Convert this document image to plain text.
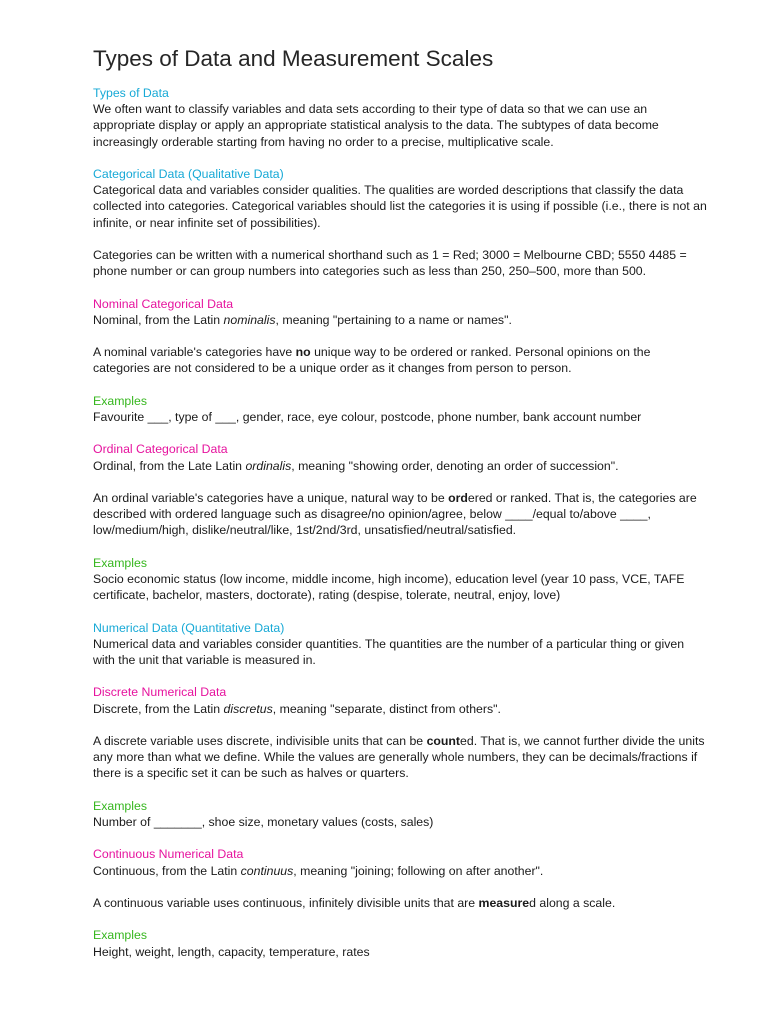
Types of Data and Measurement Scales
Types of Data

We often want to classify variables and data sets according to their type of data so that we can use an appropriate display or apply an appropriate statistical analysis to the data. The subtypes of data become increasingly orderable starting from having no order to a precise, multiplicative scale.

Categorical Data (Qualitative Data)

Categorical data and variables consider qualities. The qualities are worded descriptions that classify the data collected into categories. Categorical variables should list the categories it is using if possible (i.e., there is not an infinite, or near infinite set of possibilities).

Categories can be written with a numerical shorthand such as 1 = Red; 3000 = Melbourne CBD; 5550 4485 = phone number or can group numbers into categories such as less than 250, 250–500, more than 500.

Nominal Categorical Data

Nominal, from the Latin nominalis, meaning "pertaining to a name or names".

A nominal variable's categories have no unique way to be ordered or ranked. Personal opinions on the categories are not considered to be a unique order as it changes from person to person.

Examples

Favourite ___, type of ___, gender, race, eye colour, postcode, phone number, bank account number

Ordinal Categorical Data

Ordinal, from the Late Latin ordinalis, meaning "showing order, denoting an order of succession".

An ordinal variable's categories have a unique, natural way to be ordered or ranked. That is, the categories are described with ordered language such as disagree/no opinion/agree, below ____/equal to/above ____, low/medium/high, dislike/neutral/like, 1st/2nd/3rd, unsatisfied/neutral/satisfied.

Examples

Socio economic status (low income, middle income, high income), education level (year 10 pass, VCE, TAFE certificate, bachelor, masters, doctorate), rating (despise, tolerate, neutral, enjoy, love)

Numerical Data (Quantitative Data)

Numerical data and variables consider quantities. The quantities are the number of a particular thing or given with the unit that variable is measured in.

Discrete Numerical Data

Discrete, from the Latin discretus, meaning "separate, distinct from others".

A discrete variable uses discrete, indivisible units that can be counted. That is, we cannot further divide the units any more than what we define. While the values are generally whole numbers, they can be decimals/fractions if there is a specific set it can be such as halves or quarters.

Examples

Number of _______, shoe size, monetary values (costs, sales)

Continuous Numerical Data

Continuous, from the Latin continuus, meaning "joining; following on after another".

A continuous variable uses continuous, infinitely divisible units that are measured along a scale.

Examples

Height, weight, length, capacity, temperature, rates
